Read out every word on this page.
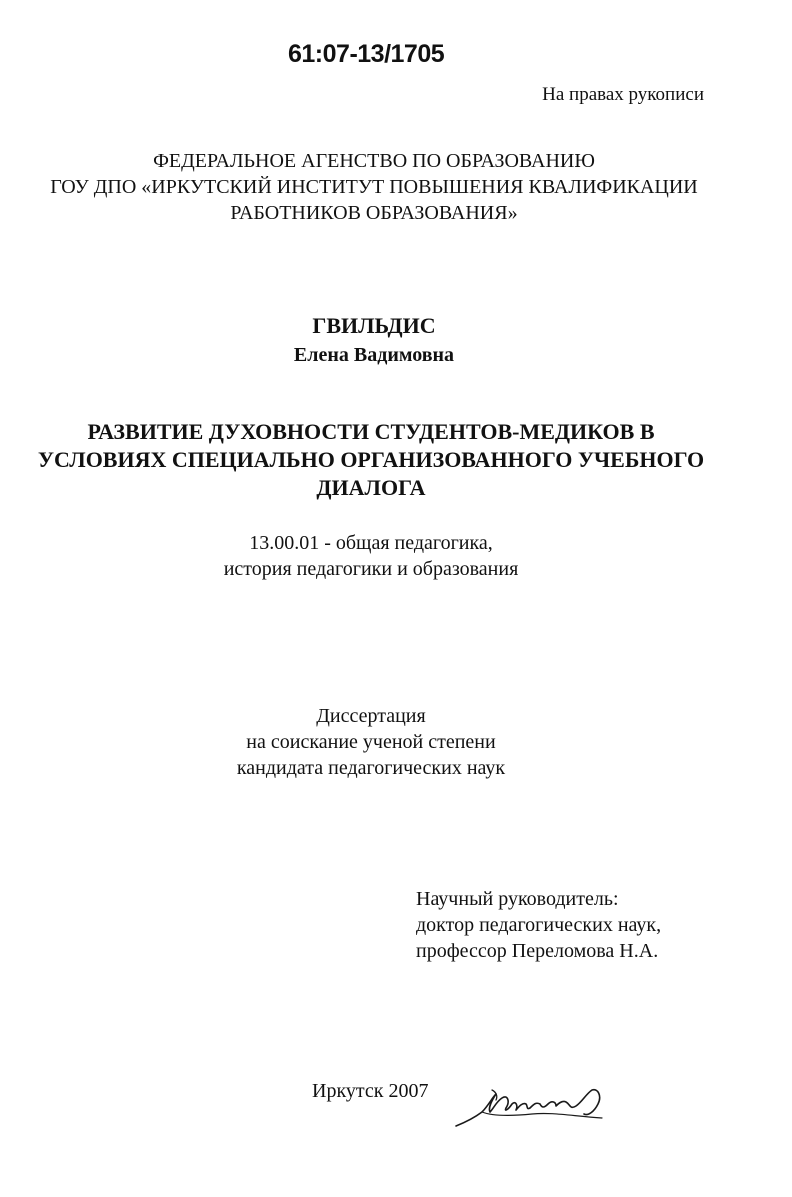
61:07-13/1705
На правах рукописи
ФЕДЕРАЛЬНОЕ АГЕНСТВО ПО ОБРАЗОВАНИЮ
ГОУ ДПО «ИРКУТСКИЙ ИНСТИТУТ ПОВЫШЕНИЯ КВАЛИФИКАЦИИ
РАБОТНИКОВ ОБРАЗОВАНИЯ»
ГВИЛЬДИС
Елена Вадимовна
РАЗВИТИЕ ДУХОВНОСТИ СТУДЕНТОВ-МЕДИКОВ В
УСЛОВИЯХ СПЕЦИАЛЬНО ОРГАНИЗОВАННОГО УЧЕБНОГО
ДИАЛОГА
13.00.01 - общая педагогика,
история педагогики и образования
Диссертация
на соискание ученой степени
кандидата педагогических наук
Научный руководитель:
доктор педагогических наук,
профессор Переломова Н.А.
Иркутск 2007
